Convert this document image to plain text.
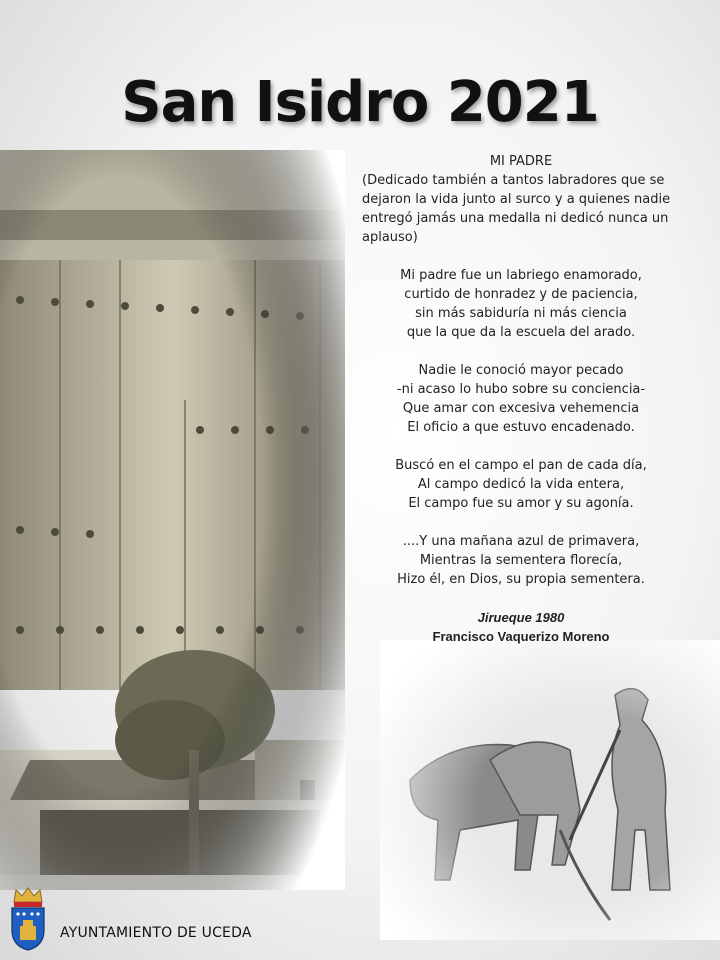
San Isidro 2021
MI PADRE
(Dedicado también a tantos labradores que se dejaron la vida junto al surco y a quienes nadie entregó jamás una medalla ni dedicó nunca un aplauso)
Mi padre fue un labriego enamorado,
curtido de honradez y de paciencia,
sin más sabiduría ni más ciencia
que la que da la escuela del arado.
Nadie le conoció mayor pecado
-ni acaso lo hubo sobre su conciencia-
Que amar con excesiva vehemencia
El oficio a que estuvo encadenado.
Buscó en el campo el pan de cada día,
Al campo dedicó la vida entera,
El campo fue su amor y su agonía.
....Y una mañana azul de primavera,
Mientras la sementera florecía,
Hizo él, en Dios, su propia sementera.
Jirueque 1980
Francisco Vaquerizo Moreno
AYUNTAMIENTO DE UCEDA
